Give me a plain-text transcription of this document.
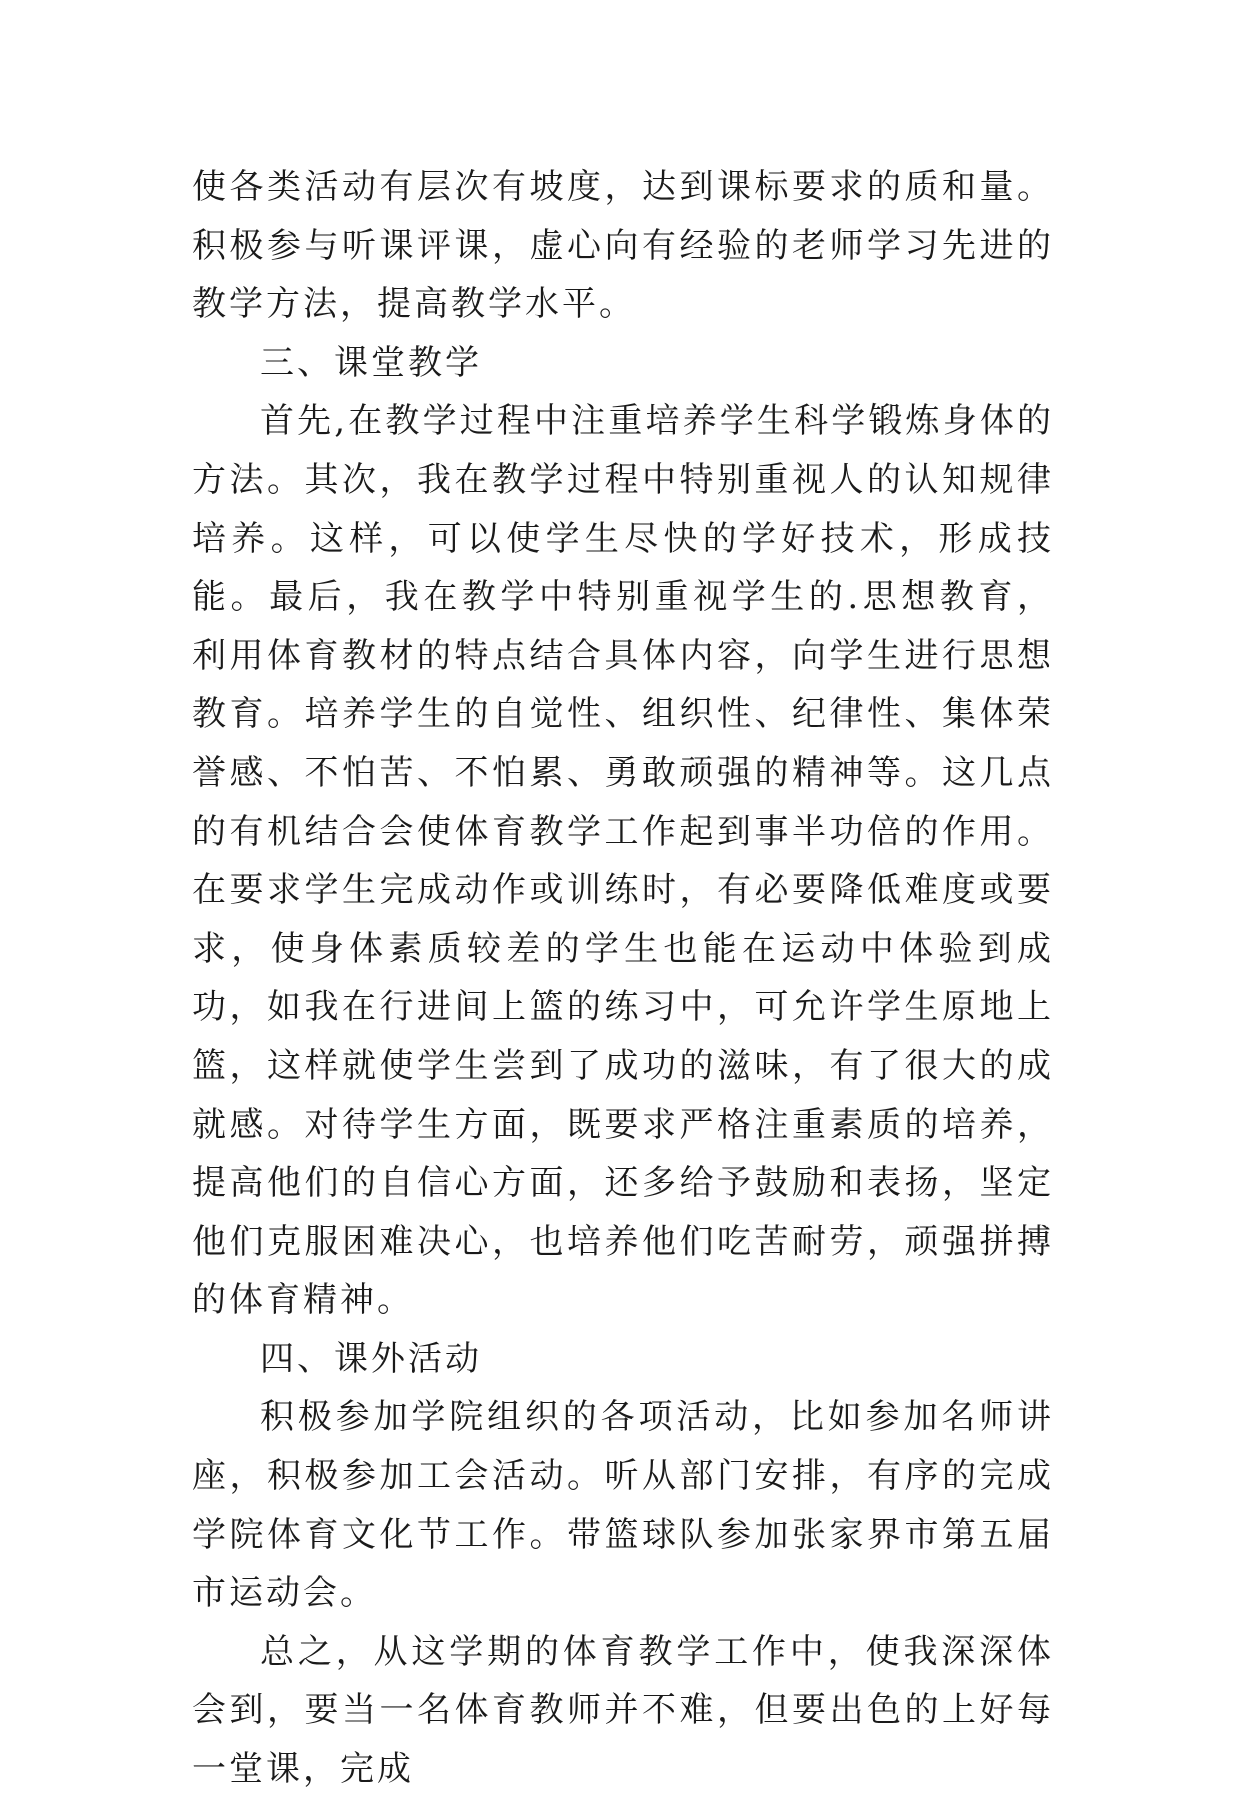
使各类活动有层次有坡度，达到课标要求的质和量。积极参与听课评课，虚心向有经验的老师学习先进的教学方法，提高教学水平。

三、课堂教学

首先,在教学过程中注重培养学生科学锻炼身体的方法。其次，我在教学过程中特别重视人的认知规律培养。这样，可以使学生尽快的学好技术，形成技能。最后，我在教学中特别重视学生的.思想教育，利用体育教材的特点结合具体内容，向学生进行思想教育。培养学生的自觉性、组织性、纪律性、集体荣誉感、不怕苦、不怕累、勇敢顽强的精神等。这几点的有机结合会使体育教学工作起到事半功倍的作用。在要求学生完成动作或训练时，有必要降低难度或要求，使身体素质较差的学生也能在运动中体验到成功，如我在行进间上篮的练习中，可允许学生原地上篮，这样就使学生尝到了成功的滋味，有了很大的成就感。对待学生方面，既要求严格注重素质的培养，提高他们的自信心方面，还多给予鼓励和表扬，坚定他们克服困难决心，也培养他们吃苦耐劳，顽强拼搏的体育精神。

四、课外活动

积极参加学院组织的各项活动，比如参加名师讲座，积极参加工会活动。听从部门安排，有序的完成学院体育文化节工作。带篮球队参加张家界市第五届市运动会。

总之，从这学期的体育教学工作中，使我深深体会到，要当一名体育教师并不难，但要出色的上好每一堂课，完成
